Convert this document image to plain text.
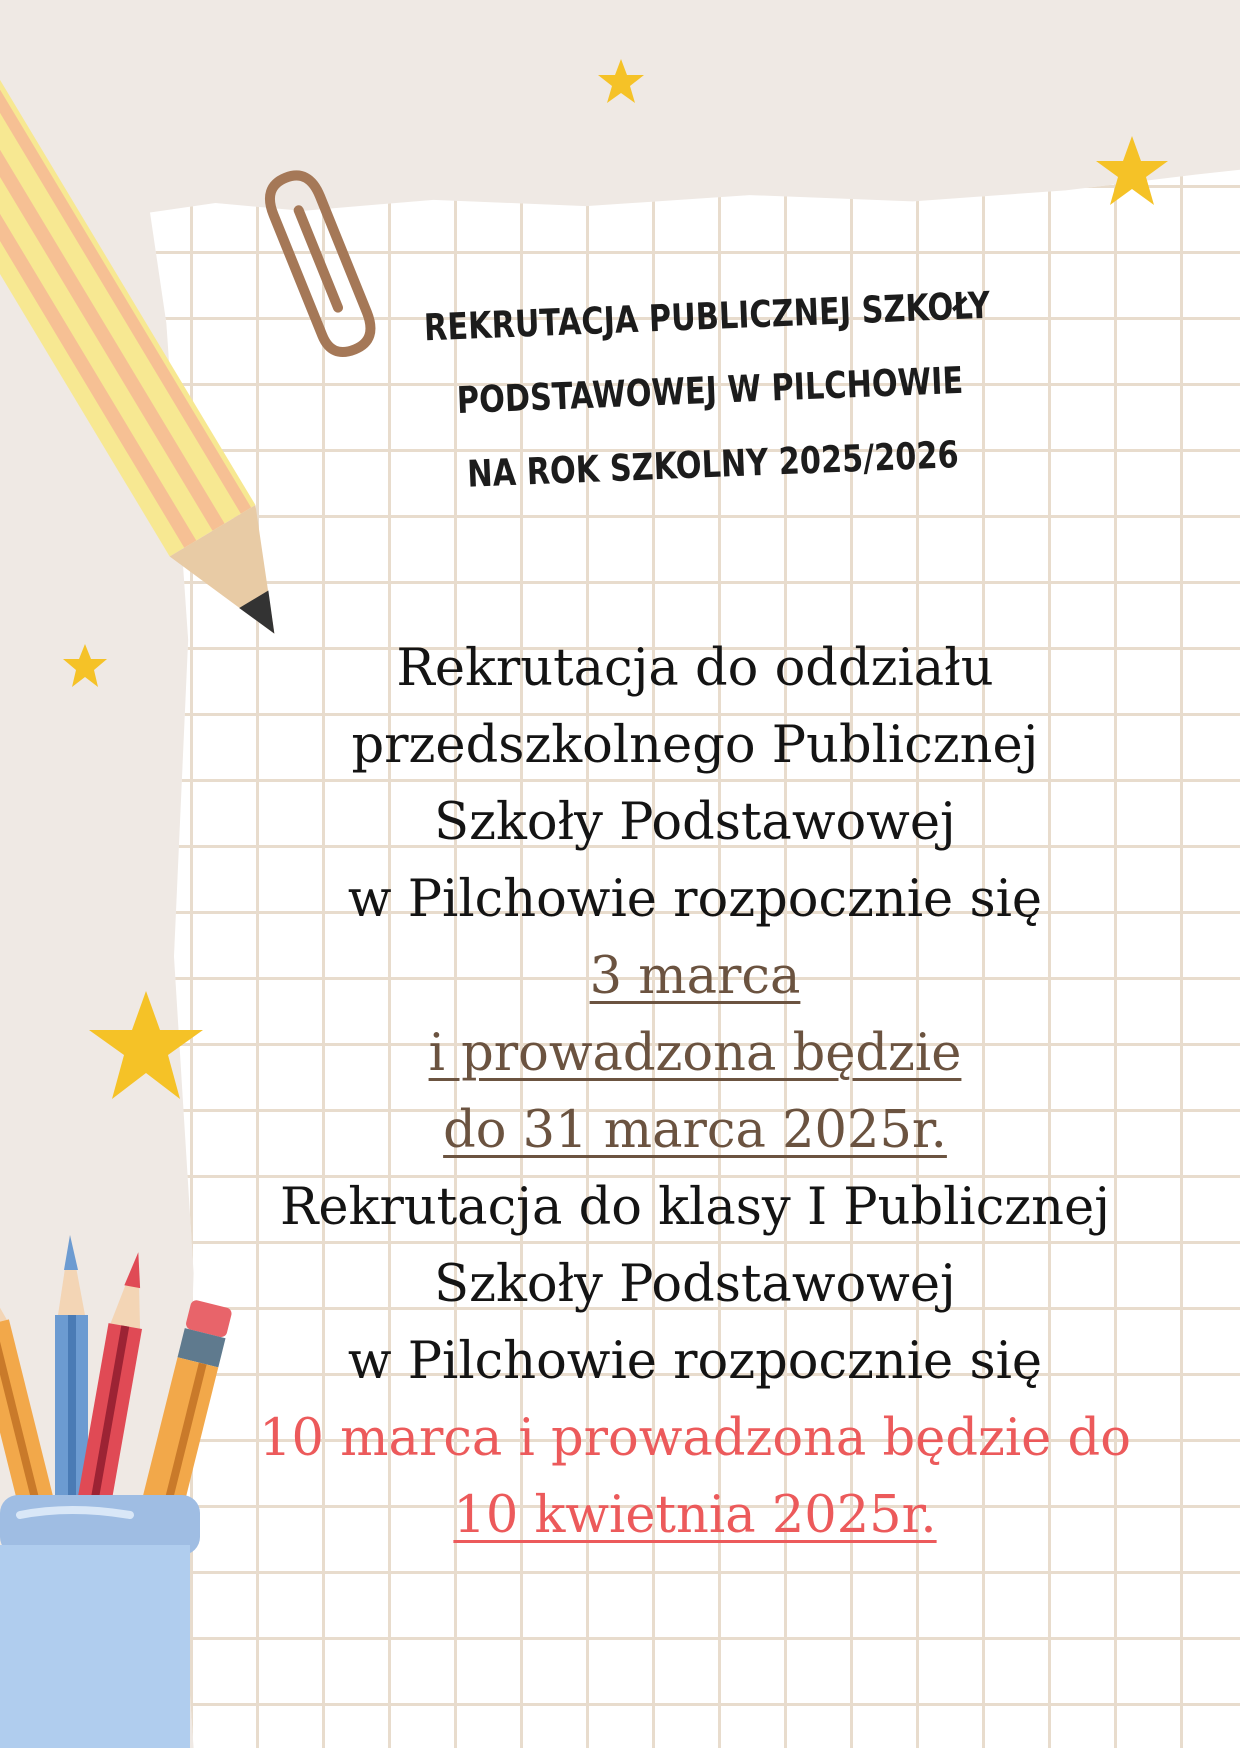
REKRUTACJA PUBLICZNEJ SZKOŁY
PODSTAWOWEJ W PILCHOWIE
NA ROK SZKOLNY 2025/2026
Rekrutacja do oddziału
przedszkolnego Publicznej
Szkoły Podstawowej
w Pilchowie rozpocznie się
3 marca
i prowadzona będzie
do 31 marca 2025r.
Rekrutacja do klasy I Publicznej
Szkoły Podstawowej
w Pilchowie rozpocznie się
10 marca i prowadzona będzie do
10 kwietnia 2025r.
